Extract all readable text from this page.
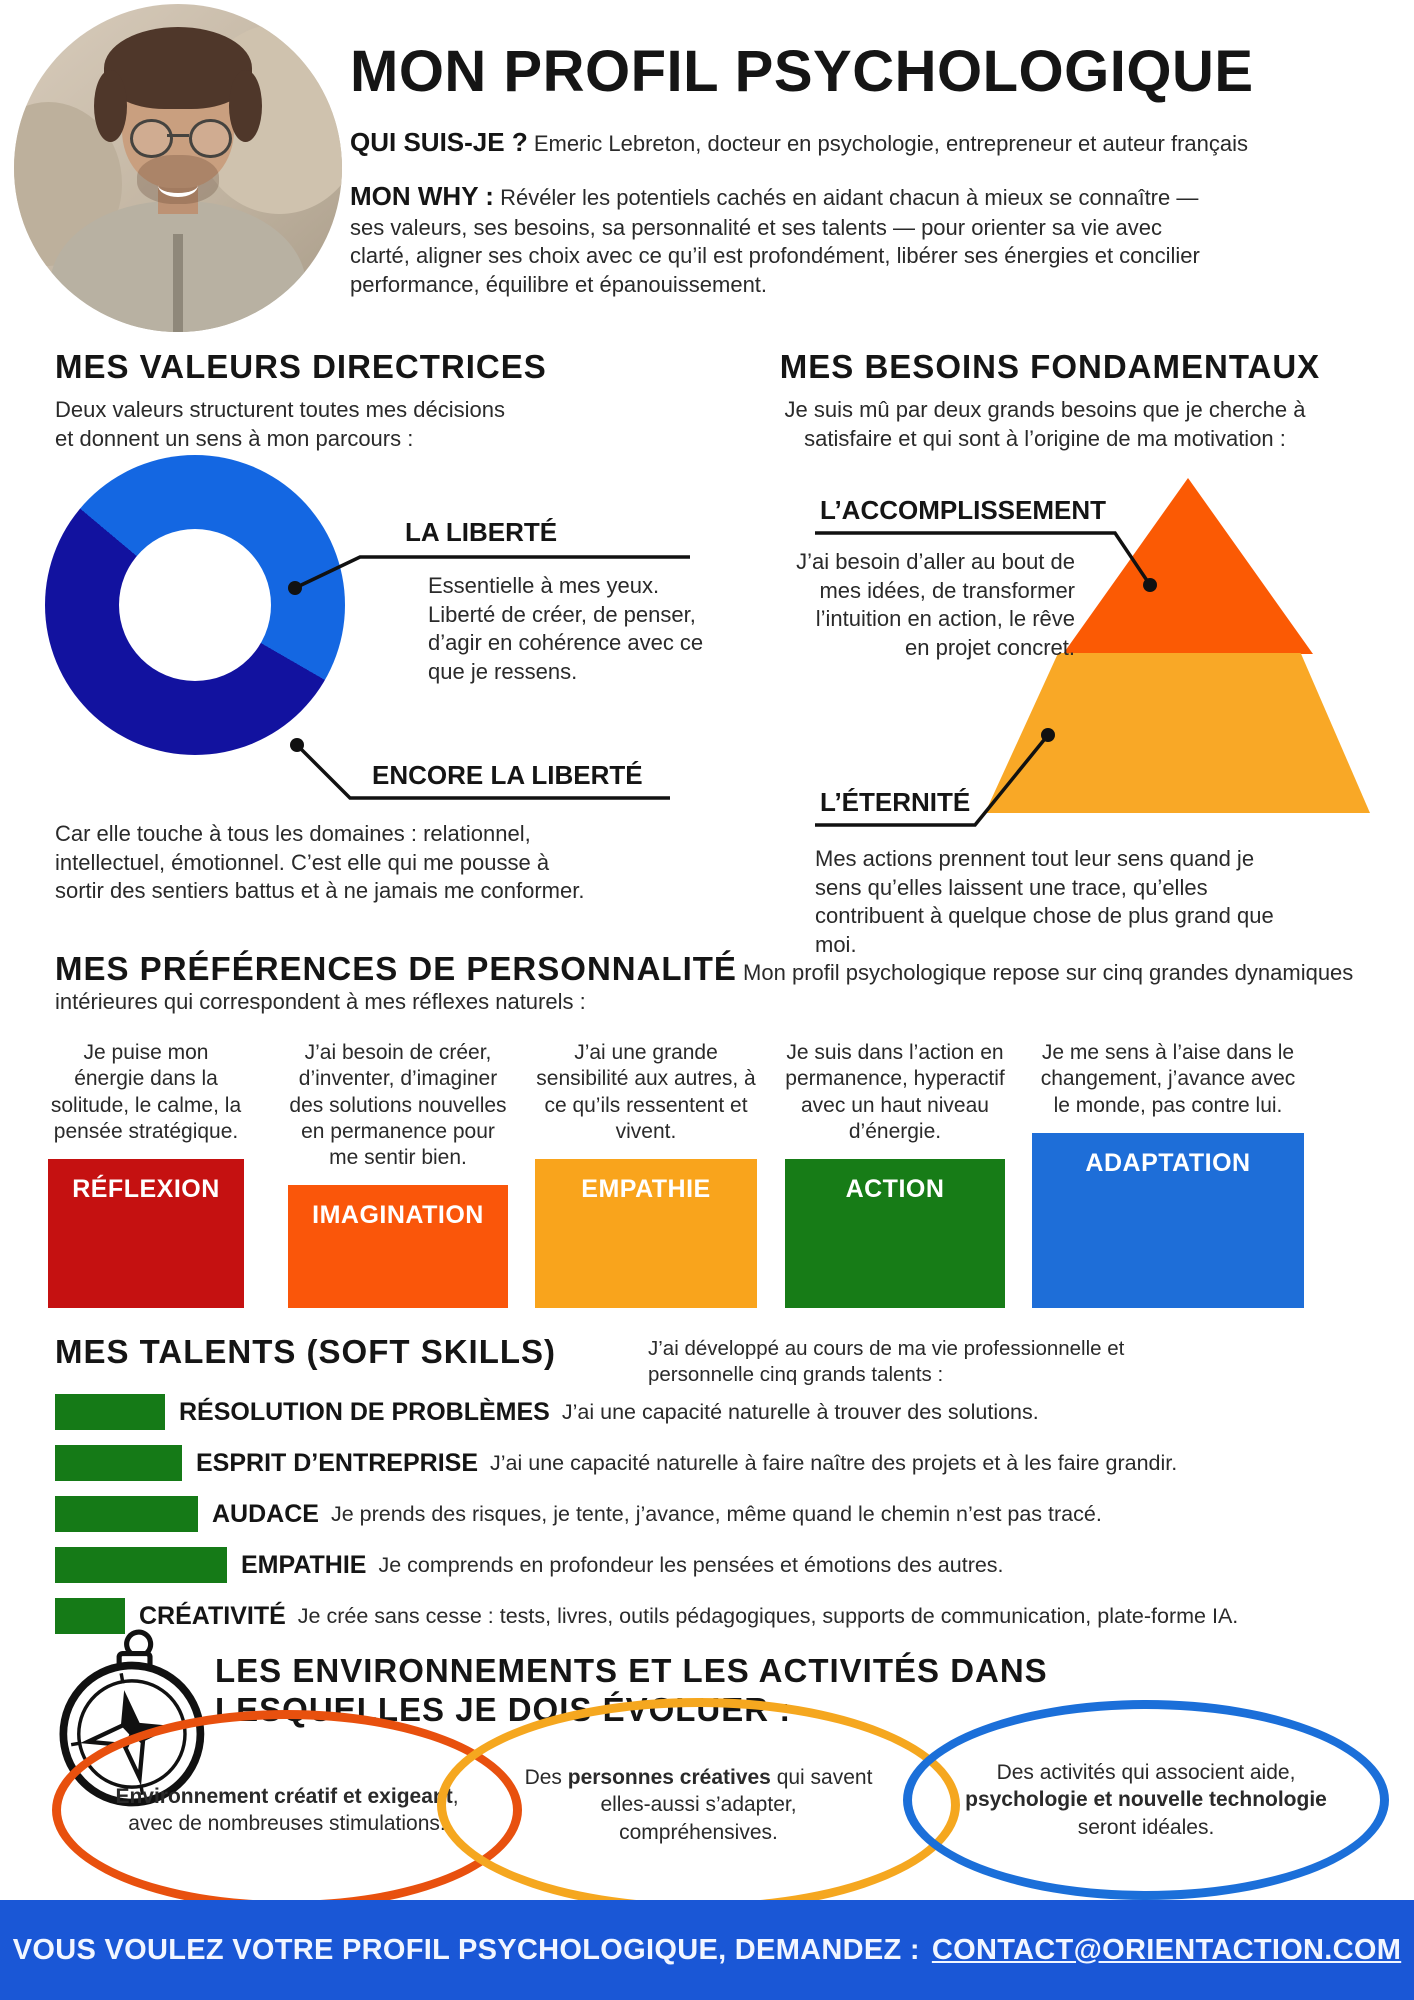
MON PROFIL PSYCHOLOGIQUE
QUI SUIS-JE ? Emeric Lebreton, docteur en psychologie, entrepreneur et auteur français
MON WHY : Révéler les potentiels cachés en aidant chacun à mieux se connaître — ses valeurs, ses besoins, sa personnalité et ses talents — pour orienter sa vie avec clarté, aligner ses choix avec ce qu’il est profondément, libérer ses énergies et concilier performance, équilibre et épanouissement.
MES VALEURS DIRECTRICES
Deux valeurs structurent toutes mes décisions et donnent un sens à mon parcours :
LA LIBERTÉ
Essentielle à mes yeux. Liberté de créer, de penser, d’agir en cohérence avec ce que je ressens.
ENCORE LA LIBERTÉ
Car elle touche à tous les domaines : relationnel, intellectuel, émotionnel. C’est elle qui me pousse à sortir des sentiers battus et à ne jamais me conformer.
MES BESOINS FONDAMENTAUX
Je suis mû par deux grands besoins que je cherche à satisfaire et qui sont à l’origine de ma motivation :
L’ACCOMPLISSEMENT
J’ai besoin d’aller au bout de mes idées, de transformer l’intuition en action, le rêve en projet concret.
L’ÉTERNITÉ
Mes actions prennent tout leur sens quand je sens qu’elles laissent une trace, qu’elles contribuent à quelque chose de plus grand que moi.
MES PRÉFÉRENCES DE PERSONNALITÉ Mon profil psychologique repose sur cinq grandes dynamiques intérieures qui correspondent à mes réflexes naturels :
Je puise mon énergie dans la solitude, le calme, la pensée stratégique.
RÉFLEXION
J’ai besoin de créer, d’inventer, d’imaginer des solutions nouvelles en permanence pour me sentir bien.
IMAGINATION
J’ai une grande sensibilité aux autres, à ce qu’ils ressentent et vivent.
EMPATHIE
Je suis dans l’action en permanence, hyperactif avec un haut niveau d’énergie.
ACTION
Je me sens à l’aise dans le changement, j’avance avec le monde, pas contre lui.
ADAPTATION
MES TALENTS (SOFT SKILLS)	J’ai développé au cours de ma vie professionnelle et personnelle cinq grands talents :
RÉSOLUTION DE PROBLÈMES J’ai une capacité naturelle à trouver des solutions.
ESPRIT D’ENTREPRISE J’ai une capacité naturelle à faire naître des projets et à les faire grandir.
AUDACE Je prends des risques, je tente, j’avance, même quand le chemin n’est pas tracé.
EMPATHIE Je comprends en profondeur les pensées et émotions des autres.
CRÉATIVITÉ Je crée sans cesse : tests, livres, outils pédagogiques, supports de communication, plate-forme IA.
LES ENVIRONNEMENTS ET LES ACTIVITÉS DANS LESQUELLES JE DOIS ÉVOLUER :
Environnement créatif et exigeant, avec de nombreuses stimulations.
Des personnes créatives qui savent elles-aussi s’adapter, compréhensives.
Des activités qui associent aide, psychologie et nouvelle technologie seront idéales.
VOUS VOULEZ VOTRE PROFIL PSYCHOLOGIQUE, DEMANDEZ : CONTACT@ORIENTACTION.COM
